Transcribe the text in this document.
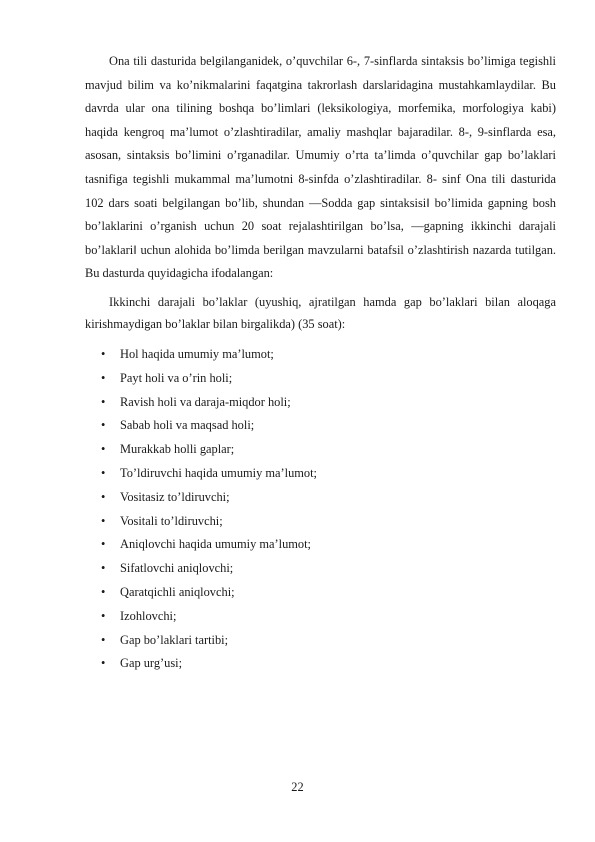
Ona tili dasturida belgilanganidek, o’quvchilar 6-, 7-sinflarda sintaksis bo’limiga tegishli mavjud bilim va ko’nikmalarini faqatgina takrorlash darslaridagina mustahkamlaydilar. Bu davrda ular ona tilining boshqa bo’limlari (leksikologiya, morfemika, morfologiya kabi) haqida kengroq ma’lumot o’zlashtiradilar, amaliy mashqlar bajaradilar. 8-, 9-sinflarda esa, asosan, sintaksis bo’limini o’rganadilar. Umumiy o’rta ta’limda o’quvchilar gap bo’laklari tasnifiga tegishli mukammal ma’lumotni 8-sinfda o’zlashtiradilar. 8- sinf Ona tili dasturida 102 dars soati belgilangan bo’lib, shundan ―Sodda gap sintaksisi‖ bo’limida gapning bosh bo’laklarini o’rganish uchun 20 soat rejalashtirilgan bo’lsa, ―gapning ikkinchi darajali bo’laklari‖ uchun alohida bo’limda berilgan mavzularni batafsil o’zlashtirish nazarda tutilgan. Bu dasturda quyidagicha ifodalangan:

Ikkinchi darajali bo’laklar (uyushiq, ajratilgan hamda gap bo’laklari bilan aloqaga kirishmaydigan bo’laklar bilan birgalikda) (35 soat):

• Hol haqida umumiy ma’lumot;
• Payt holi va o’rin holi;
• Ravish holi va daraja-miqdor holi;
• Sabab holi va maqsad holi;
• Murakkab holli gaplar;
• To’ldiruvchi haqida umumiy ma’lumot;
• Vositasiz to’ldiruvchi;
• Vositali to’ldiruvchi;
• Aniqlovchi haqida umumiy ma’lumot;
• Sifatlovchi aniqlovchi;
• Qaratqichli aniqlovchi;
• Izohlovchi;
• Gap bo’laklari tartibi;
• Gap urg’usi;
22
